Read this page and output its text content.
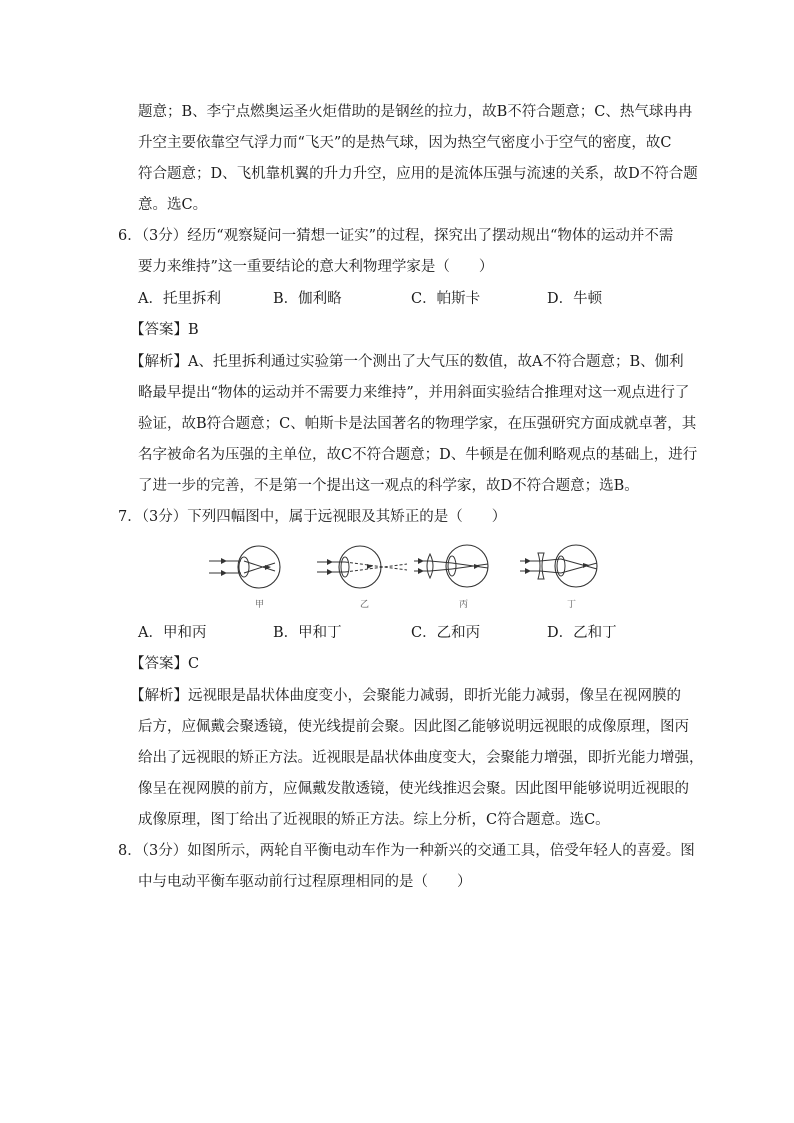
题意；B、李宁点燃奥运圣火炬借助的是钢丝的拉力，故B不符合题意；C、热气球冉冉
升空主要依靠空气浮力而“飞天”的是热气球，因为热空气密度小于空气的密度，故C
符合题意；D、飞机靠机翼的升力升空，应用的是流体压强与流速的关系，故D不符合题
意。选C。
6．（3分）经历“观察疑问一猜想一证实”的过程，探究出了摆动规出“物体的运动并不需
要力来维持”这一重要结论的意大利物理学家是（　　）
A．托里拆利	B．伽利略	C．帕斯卡	D．牛顿
【答案】B
【解析】A、托里拆利通过实验第一个测出了大气压的数值，故A不符合题意；B、伽利
略最早提出“物体的运动并不需要力来维持”，并用斜面实验结合推理对这一观点进行了
验证，故B符合题意；C、帕斯卡是法国著名的物理学家，在压强研究方面成就卓著，其
名字被命名为压强的主单位，故C不符合题意；D、牛顿是在伽利略观点的基础上，进行
了进一步的完善，不是第一个提出这一观点的科学家，故D不符合题意；选B。
7．（3分）下列四幅图中，属于远视眼及其矫正的是（　　）
甲	乙	丙	丁
A．甲和丙	B．甲和丁	C．乙和丙	D．乙和丁
【答案】C
【解析】远视眼是晶状体曲度变小，会聚能力减弱，即折光能力减弱，像呈在视网膜的
后方，应佩戴会聚透镜，使光线提前会聚。因此图乙能够说明远视眼的成像原理，图丙
给出了远视眼的矫正方法。近视眼是晶状体曲度变大，会聚能力增强，即折光能力增强，
像呈在视网膜的前方，应佩戴发散透镜，使光线推迟会聚。因此图甲能够说明近视眼的
成像原理，图丁给出了近视眼的矫正方法。综上分析，C符合题意。选C。
8．（3分）如图所示，两轮自平衡电动车作为一种新兴的交通工具，倍受年轻人的喜爱。图
中与电动平衡车驱动前行过程原理相同的是（　　）
